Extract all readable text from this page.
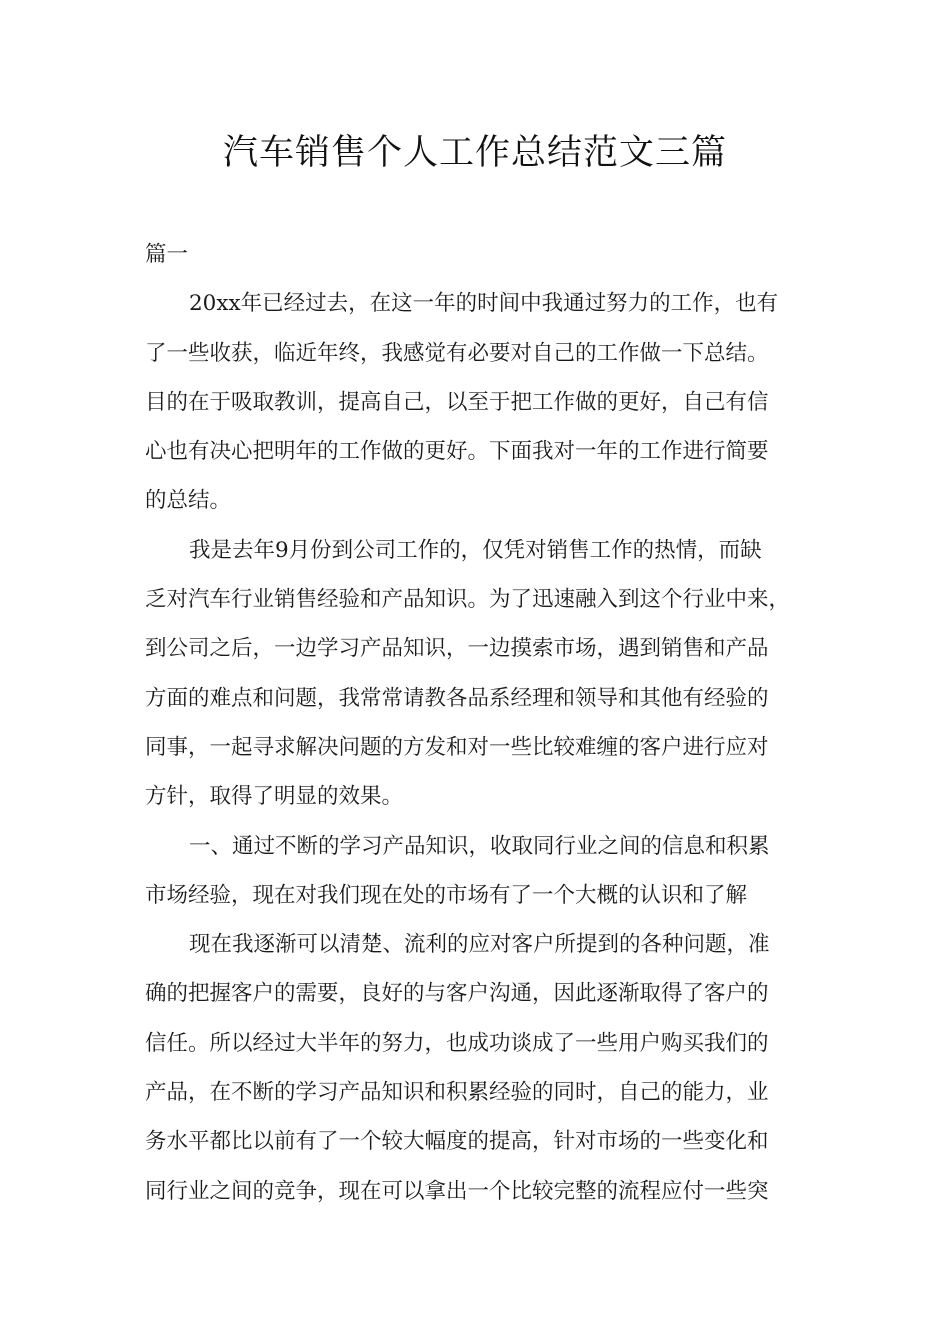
汽车销售个人工作总结范文三篇
篇一
20xx年已经过去，在这一年的时间中我通过努力的工作，也有
了一些收获，临近年终，我感觉有必要对自己的工作做一下总结。
目的在于吸取教训，提高自己，以至于把工作做的更好，自己有信
心也有决心把明年的工作做的更好。下面我对一年的工作进行简要
的总结。
我是去年9月份到公司工作的，仅凭对销售工作的热情，而缺
乏对汽车行业销售经验和产品知识。为了迅速融入到这个行业中来，
到公司之后，一边学习产品知识，一边摸索市场，遇到销售和产品
方面的难点和问题，我常常请教各品系经理和领导和其他有经验的
同事，一起寻求解决问题的方发和对一些比较难缠的客户进行应对
方针，取得了明显的效果。
一、通过不断的学习产品知识，收取同行业之间的信息和积累
市场经验，现在对我们现在处的市场有了一个大概的认识和了解
现在我逐渐可以清楚、流利的应对客户所提到的各种问题，准
确的把握客户的需要，良好的与客户沟通，因此逐渐取得了客户的
信任。所以经过大半年的努力，也成功谈成了一些用户购买我们的
产品，在不断的学习产品知识和积累经验的同时，自己的能力，业
务水平都比以前有了一个较大幅度的提高，针对市场的一些变化和
同行业之间的竞争，现在可以拿出一个比较完整的流程应付一些突
